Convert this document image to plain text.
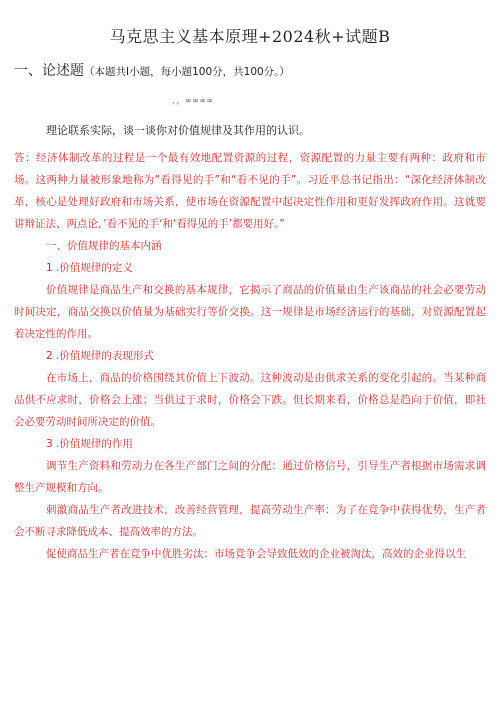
马克思主义基本原理+2024秋+试题B
一、论述题（本题共I小题，每小题100分，共100分。）
，，∞∞∞∞
理论联系实际，谈一谈你对价值规律及其作用的认识。

答：经济体制改革的过程是一个最有效地配置资源的过程，资源配置的力量主要有两种：政府和市场。这两种力量被形象地称为“看得见的手”和“看不见的手”。习近平总书记指出：“深化经济体制改革，核心是处理好政府和市场关系，使市场在资源配置中起决定性作用和更好发挥政府作用。这就要讲辩证法、两点论，’看不见的手‘和‘看得见的手’都要用好。”

一、价值规律的基本内涵

1 .价值规律的定义

价值规律是商品生产和交换的基本规律，它揭示了商品的价值量由生产该商品的社会必要劳动时间决定，商品交换以价值量为基础实行等价交换。这一规律是市场经济运行的基础，对资源配置起着决定性的作用。

2 .价值规律的表现形式

在市场上，商品的价格围绕其价值上下波动。这种波动是由供求关系的变化引起的。当某种商品供不应求时，价格会上涨；当供过于求时，价格会下跌。但长期来看，价格总是趋向于价值，即社会必要劳动时间所决定的价值。

3 .价值规律的作用

调节生产资料和劳动力在各生产部门之间的分配：通过价格信号，引导生产者根据市场需求调整生产规模和方向。

刺激商品生产者改进技术，改善经营管理，提高劳动生产率：为了在竞争中获得优势，生产者会不断寻求降低成本、提高效率的方法。

促使商品生产者在竞争中优胜劣汰：市场竞争会导致低效的企业被淘汰，高效的企业得以生
